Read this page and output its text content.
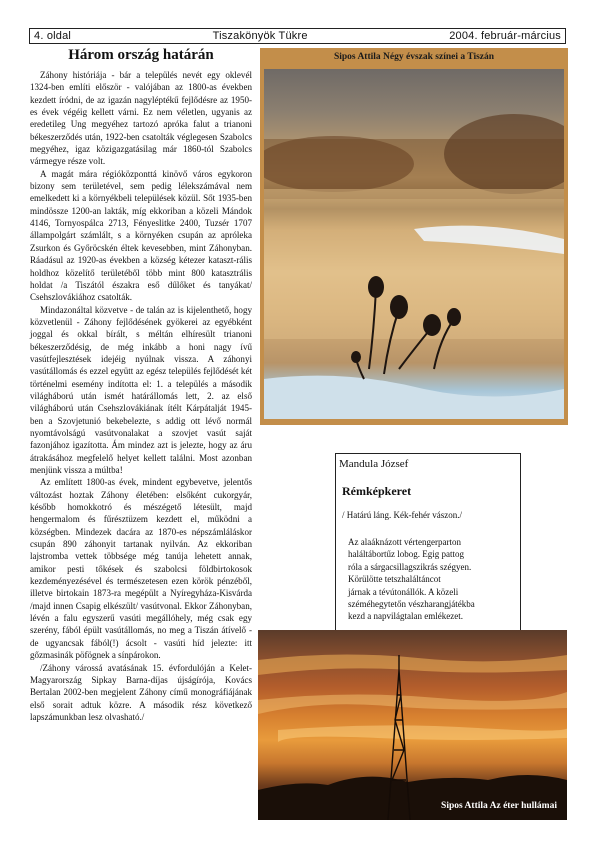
4. oldal	Tiszakönyök Tükre	2004. február-március
Három ország határán

Záhony históriája - bár a település nevét egy oklevél 1324-ben említi először - valójában az 1800-as években kezdett íródni, de az igazán nagyléptékű fejlődésre az 1950-es évek végéig kellett várni. Ez nem véletlen, ugyanis az eredetileg Ung megyéhez tartozó apróka falut a trianoni békeszerződés után, 1922-ben csatolták véglegesen Szabolcs megyéhez, igaz közigazgatásilag már 1860-tól Szabolcs vármegye része volt.

A magát mára régióközponttá kinövő város egykoron bizony sem területével, sem pedig lélekszámával nem emelkedett ki a környékbeli települések közül. Sőt 1935-ben mindössze 1200-an lakták, míg ekkoriban a közeli Mándok 4146, Tornyospálca 2713, Fényeslitke 2400, Tuzsér 1707 állampolgárt számlált, s a környéken csupán az apróleka Zsurkon és Győröcskén éltek kevesebben, mint Záhonyban. Ráadásul az 1920-as években a község kétezer kataszt-rális holdhoz közelítő területéből több mint 800 katasztrális holdat /a Tiszától északra eső dűlőket és tanyákat/ Csehszlovákiához csatolták.

Mindazonáltal közvetve - de talán az is kijelenthető, hogy közvetlenül - Záhony fejlődésének gyökerei az egyébként joggal és okkal bírált, s méltán elhíresült trianoni békeszerződésig, de még inkább a honi nagy ívű vasútfejlesztések idejéig nyúlnak vissza. A záhonyi vasútállomás és ezzel együtt az egész település fejlődését két történelmi esemény indította el: 1. a település a második világháború után ismét határállomás lett, 2. az első világháború után Csehszlovákiának ítélt Kárpátalját 1945-ben a Szovjetunió bekebelezte, s addig ott lévő normál nyomtávolságú vasútvonalakat a szovjet vasút saját fazonjához igazította. Ám mindez azt is jelezte, hogy az áru átrakásához megfelelő helyet kellett találni. Most azonban menjünk vissza a múltba!

Az említett 1800-as évek, mindent egybevetve, jelentős változást hoztak Záhony életében: elsőként cukorgyár, később homokkotró és mészégető létesült, majd hengermalom és fűrésztüzem kezdett el, működni a községben. Mindezek dacára az 1870-es népszámláláskor csupán 890 záhonyit tartanak nyilván. Az ekkoriban lajstromba vettek többsége még tanúja lehetett annak, amikor pesti tőkések és szabolcsi földbirtokosok kezdeményezésével és természetesen ezen körök pénzéből, illetve birtokain 1873-ra megépült a Nyíregyháza-Kisvárda /majd innen Csapig elkészült/ vasútvonal. Ekkor Záhonyban, lévén a falu egyszerű vasúti megállóhely, még csak egy szerény, fából épült vasútállomás, no meg a Tiszán átívelő - de ugyancsak fából(!) ácsolt - vasúti híd jelezte: itt gőzmasinák pöfögnek a sínpárokon.

/Záhony várossá avatásának 15. évfordulóján a Kelet-Magyarország Sipkay Barna-díjas újságírója, Kovács Bertalan 2002-ben megjelent Záhony című monográfiájának első sorait adtuk közre. A második rész következő lapszámunkban lesz olvasható./

Sipos Attila Négy évszak színei a Tiszán
Mandula József
Rémképkeret
/ Határú láng. Kék-fehér vászon./
Az alaáknázott vértengerparton
haláltábortűz lobog. Egig pattog
róla a sárgacsillagszikrás szégyen.
Körülötte tetszhaláltáncot
járnak a tévútonállók. A közeli
széméhegytetőn vészharangjátékba
kezd a napvilágtalan emlékezet.
Sipos Attila Az éter hullámai
